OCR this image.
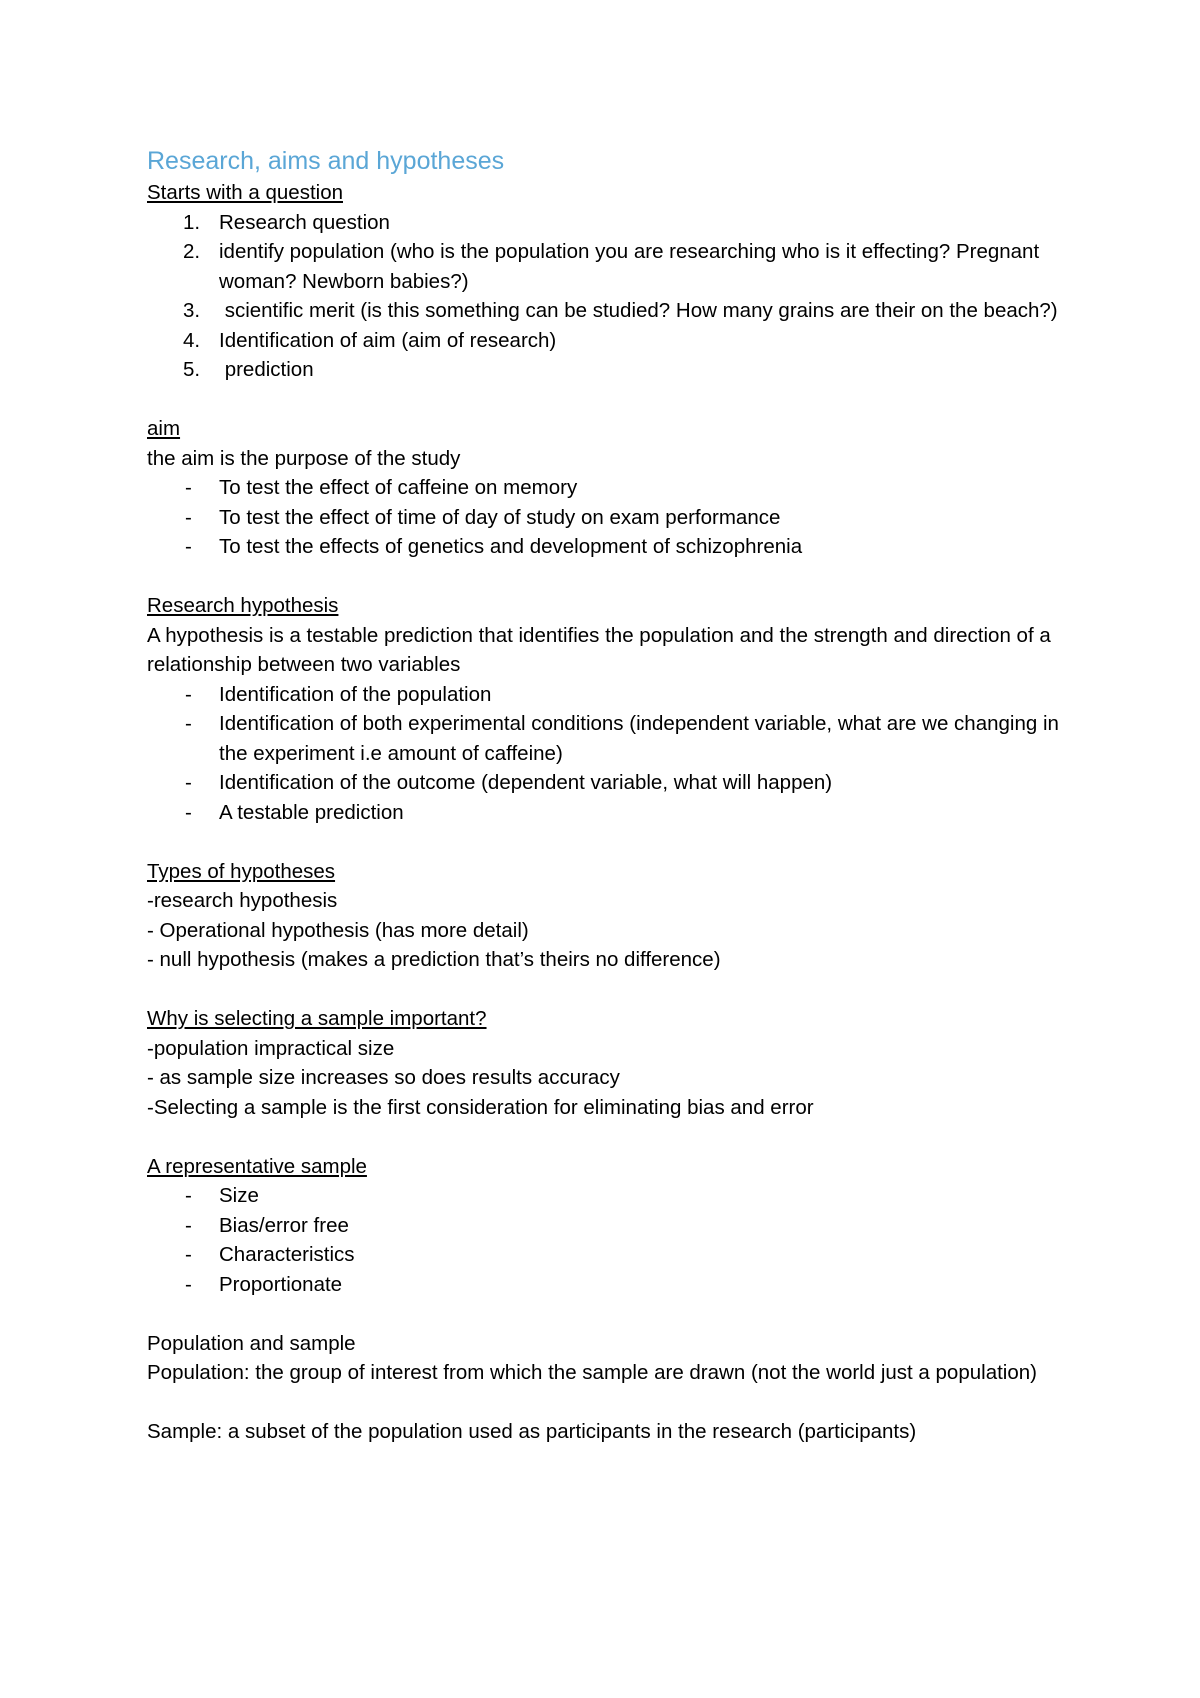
Research, aims and hypotheses

Starts with a question

1. Research question
2. identify population (who is the population you are researching who is it effecting? Pregnant woman? Newborn babies?)
3. scientific merit (is this something can be studied? How many grains are their on the beach?)
4. Identification of aim (aim of research)
5. prediction

aim

the aim is the purpose of the study

- To test the effect of caffeine on memory
- To test the effect of time of day of study on exam performance
- To test the effects of genetics and development of schizophrenia

Research hypothesis

A hypothesis is a testable prediction that identifies the population and the strength and direction of a relationship between two variables

- Identification of the population
- Identification of both experimental conditions (independent variable, what are we changing in the experiment i.e amount of caffeine)
- Identification of the outcome (dependent variable, what will happen)
- A testable prediction

Types of hypotheses

-research hypothesis

- Operational hypothesis (has more detail)

- null hypothesis (makes a prediction that’s theirs no difference)

Why is selecting a sample important?

-population impractical size

- as sample size increases so does results accuracy

-Selecting a sample is the first consideration for eliminating bias and error

A representative sample

- Size
- Bias/error free
- Characteristics
- Proportionate

Population and sample

Population: the group of interest from which the sample are drawn (not the world just a population)

Sample: a subset of the population used as participants in the research (participants)
